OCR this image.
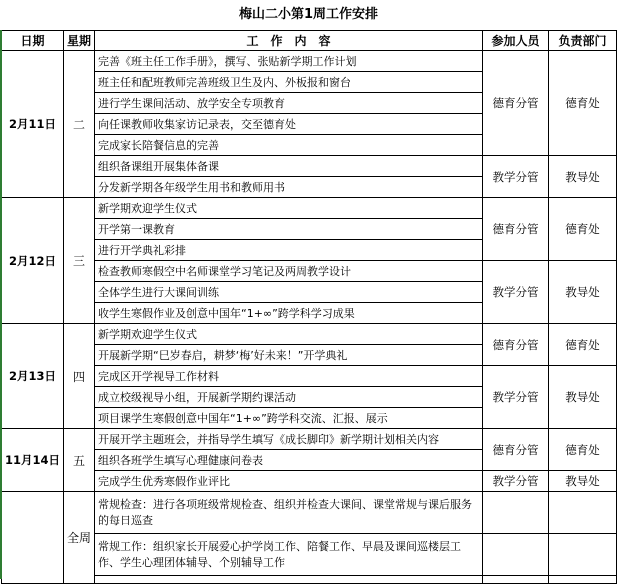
梅山二小第1周工作安排
日期	星期	工　作　内　容	参加人员	负责部门
2月11日	二	完善《班主任工作手册》，撰写、张贴新学期工作计划	德育分管	德育处
		班主任和配班教师完善班级卫生及内、外板报和窗台		
		进行学生课间活动、放学安全专项教育		
		向任课教师收集家访记录表，交至德育处		
		完成家长陪餐信息的完善		
		组织备课组开展集体备课	教学分管	教导处
		分发新学期各年级学生用书和教师用书		
2月12日	三	新学期欢迎学生仪式	德育分管	德育处
		开学第一课教育		
		进行开学典礼彩排		
		检查教师寒假空中名师课堂学习笔记及两周教学设计	教学分管	教导处
		全体学生进行大课间训练		
		收学生寒假作业及创意中国年“1+∞”跨学科学习成果		
2月13日	四	新学期欢迎学生仪式	德育分管	德育处
		开展新学期“巳岁春启，耕梦‘梅’好未来！”开学典礼		
		完成区开学视导工作材料	教学分管	教导处
		成立校级视导小组，开展新学期约课活动		
		项目课学生寒假创意中国年“1+∞”跨学科交流、汇报、展示		
11月14日	五	开展开学主题班会，并指导学生填写《成长脚印》新学期计划相关内容	德育分管	德育处
		组织各班学生填写心理健康问卷表		
		完成学生优秀寒假作业评比	教学分管	教导处
	全周	常规检查：进行各项班级常规检查、组织并检查大课间、课堂常规与课后服务的每日巡查		
		常规工作：组织家长开展爱心护学岗工作、陪餐工作、早晨及课间巡楼层工作、学生心理团体辅导、个别辅导工作		
